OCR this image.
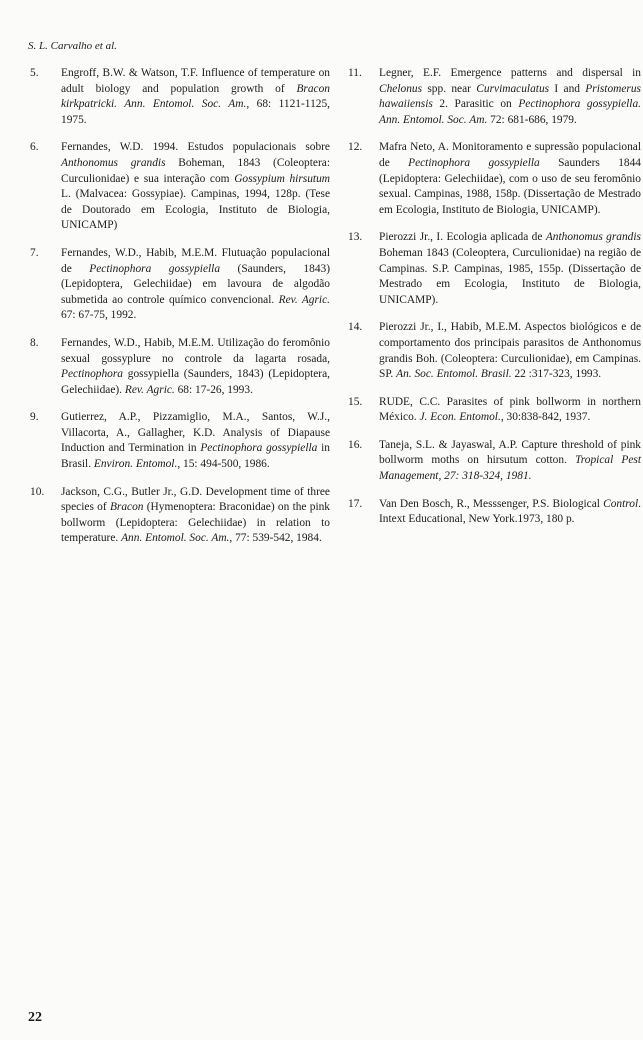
S. L. Carvalho et al.
5.	Engroff, B.W. & Watson, T.F. Influence of temperature on adult biology and population growth of Bracon kirkpatricki. Ann. Entomol. Soc. Am., 68: 1121-1125, 1975.
6.	Fernandes, W.D. 1994. Estudos populacionais sobre Anthonomus grandis Boheman, 1843 (Coleoptera: Curculionidae) e sua interação com Gossypium hirsutum L. (Malvacea: Gossypiae). Campinas, 1994, 128p. (Tese de Doutorado em Ecologia, Instituto de Biologia, UNICAMP)
7.	Fernandes, W.D., Habib, M.E.M. Flutuação populacional de Pectinophora gossypiella (Saunders, 1843) (Lepidoptera, Gelechiidae) em lavoura de algodão submetida ao controle químico convencional. Rev. Agric. 67: 67-75, 1992.
8.	Fernandes, W.D., Habib, M.E.M. Utilização do feromônio sexual gossyplure no controle da lagarta rosada, Pectinophora gossypiella (Saunders, 1843) (Lepidoptera, Gelechiidae). Rev. Agric. 68: 17-26, 1993.
9.	Gutierrez, A.P., Pizzamiglio, M.A., Santos, W.J., Villacorta, A., Gallagher, K.D. Analysis of Diapause Induction and Termination in Pectinophora gossypiella in Brasil. Environ. Entomol., 15: 494-500, 1986.
10.	Jackson, C.G., Butler Jr., G.D. Development time of three species of Bracon (Hymenoptera: Braconidae) on the pink bollworm (Lepidoptera: Gelechiidae) in relation to temperature. Ann. Entomol. Soc. Am., 77: 539-542, 1984.
11.	Legner, E.F. Emergence patterns and dispersal in Chelonus spp. near Curvimaculatus I and Pristomerus hawaiiensis 2. Parasitic on Pectinophora gossypiella. Ann. Entomol. Soc. Am. 72: 681-686, 1979.
12.	Mafra Neto, A. Monitoramento e supressão populacional de Pectinophora gossypiella Saunders 1844 (Lepidoptera: Gelechiidae), com o uso de seu feromônio sexual. Campinas, 1988, 158p. (Dissertação de Mestrado em Ecologia, Instituto de Biologia, UNICAMP).
13.	Pierozzi Jr., I. Ecologia aplicada de Anthonomus grandis Boheman 1843 (Coleoptera, Curculionidae) na região de Campinas. S.P. Campinas, 1985, 155p. (Dissertação de Mestrado em Ecologia, Instituto de Biologia, UNICAMP).
14.	Pierozzi Jr., I., Habib, M.E.M. Aspectos biológicos e de comportamento dos principais parasitos de Anthonomus grandis Boh. (Coleoptera: Curculionidae), em Campinas. SP. An. Soc. Entomol. Brasil. 22 :317-323, 1993.
15.	RUDE, C.C. Parasites of pink bollworm in northern México. J. Econ. Entomol., 30:838-842, 1937.
16.	Taneja, S.L. & Jayaswal, A.P. Capture threshold of pink bollworm moths on hirsutum cotton. Tropical Pest Management, 27: 318-324, 1981.
17.	Van Den Bosch, R., Messsenger, P.S. Biological Control. Intext Educational, New York.1973, 180 p.
22
